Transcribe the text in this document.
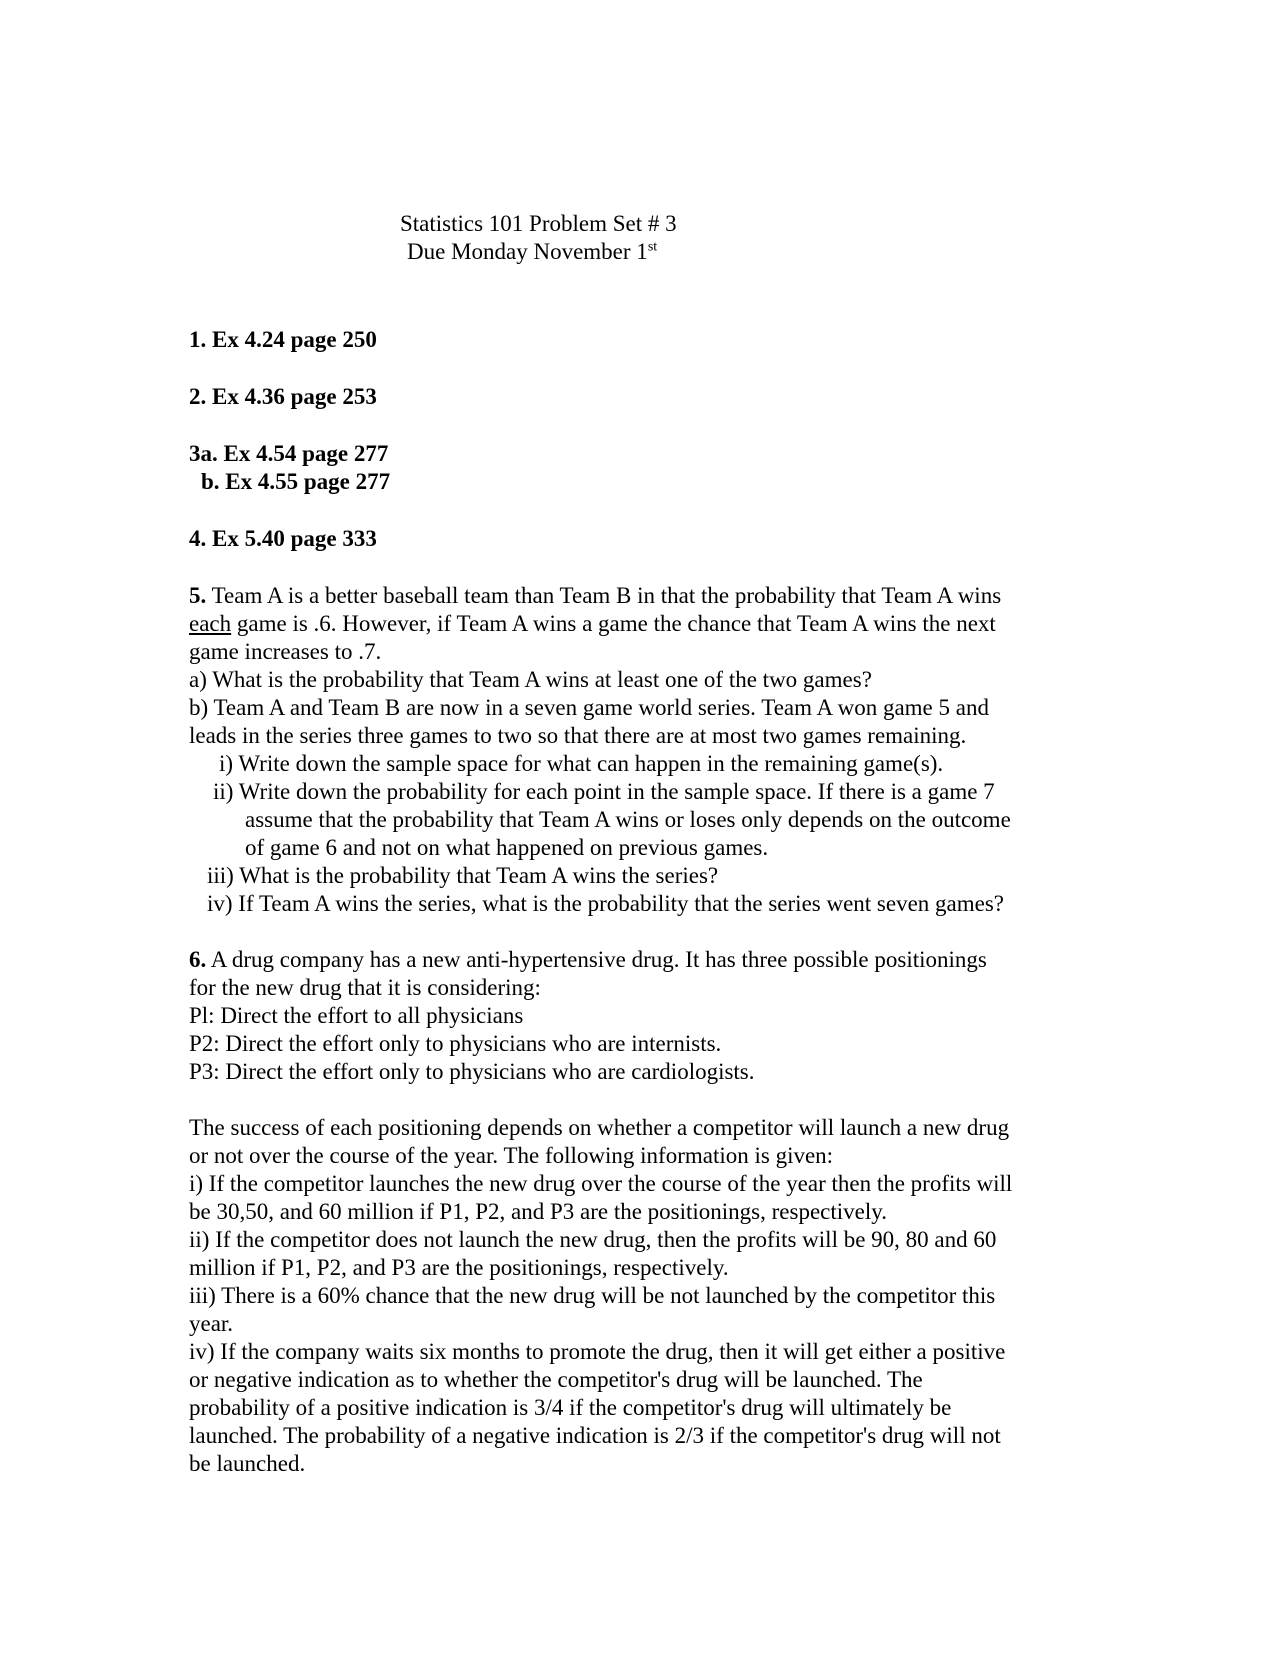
Statistics 101 Problem Set # 3
Due Monday November 1st
1. Ex 4.24 page 250
2. Ex 4.36 page 253
3a. Ex 4.54 page 277
b. Ex 4.55 page 277
4. Ex 5.40 page 333
5. Team A is a better baseball team than Team B in that the probability that Team A wins
each game is .6. However, if Team A wins a game the chance that Team A wins the next
game increases to .7.
a) What is the probability that Team A wins at least one of the two games?
b) Team A and Team B are now in a seven game world series. Team A won game 5 and
leads in the series three games to two so that there are at most two games remaining.
i) Write down the sample space for what can happen in the remaining game(s).
ii) Write down the probability for each point in the sample space. If there is a game 7
assume that the probability that Team A wins or loses only depends on the outcome
of game 6 and not on what happened on previous games.
iii) What is the probability that Team A wins the series?
iv) If Team A wins the series, what is the probability that the series went seven games?
6. A drug company has a new anti-hypertensive drug. It has three possible positionings
for the new drug that it is considering:
Pl: Direct the effort to all physicians
P2: Direct the effort only to physicians who are internists.
P3: Direct the effort only to physicians who are cardiologists.
The success of each positioning depends on whether a competitor will launch a new drug
or not over the course of the year. The following information is given:
i) If the competitor launches the new drug over the course of the year then the profits will
be 30,50, and 60 million if P1, P2, and P3 are the positionings, respectively.
ii) If the competitor does not launch the new drug, then the profits will be 90, 80 and 60
million if P1, P2, and P3 are the positionings, respectively.
iii) There is a 60% chance that the new drug will be not launched by the competitor this
year.
iv) If the company waits six months to promote the drug, then it will get either a positive
or negative indication as to whether the competitor's drug will be launched. The
probability of a positive indication is 3/4 if the competitor's drug will ultimately be
launched. The probability of a negative indication is 2/3 if the competitor's drug will not
be launched.
